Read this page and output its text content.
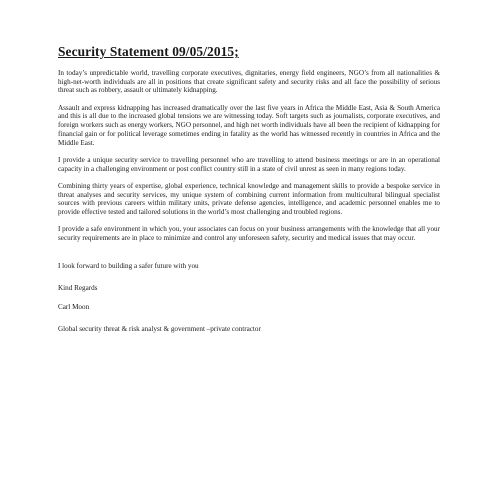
Security Statement 09/05/2015;

In today’s unpredictable world, travelling corporate executives, dignitaries, energy field engineers, NGO’s from all nationalities & high-net-worth individuals are all in positions that create significant safety and security risks and all face the possibility of serious threat such as robbery, assault or ultimately kidnapping.

Assault and express kidnapping has increased dramatically over the last five years in Africa the Middle East, Asia & South America and this is all due to the increased global tensions we are witnessing today. Soft targets such as journalists, corporate executives, and foreign workers such as energy workers, NGO personnel, and high net worth individuals have all been the recipient of kidnapping for financial gain or for political leverage sometimes ending in fatality as the world has witnessed recently in countries in Africa and the Middle East.

I provide a unique security service to travelling personnel who are travelling to attend business meetings or are in an operational capacity in a challenging environment or post conflict country still in a state of civil unrest as seen in many regions today.

Combining thirty years of expertise, global experience, technical knowledge and management skills to provide a bespoke service in threat analyses and security services, my unique system of combining current information from multicultural bilingual specialist sources with previous careers within military units, private defense agencies, intelligence, and academic personnel enables me to provide effective tested and tailored solutions in the world’s most challenging and troubled regions.

I provide a safe environment in which you, your associates can focus on your business arrangements with the knowledge that all your security requirements are in place to minimize and control any unforeseen safety, security and medical issues that may occur.

I look forward to building a safer future with you

Kind Regards

Carl Moon

Global security threat & risk analyst & government –private contractor
